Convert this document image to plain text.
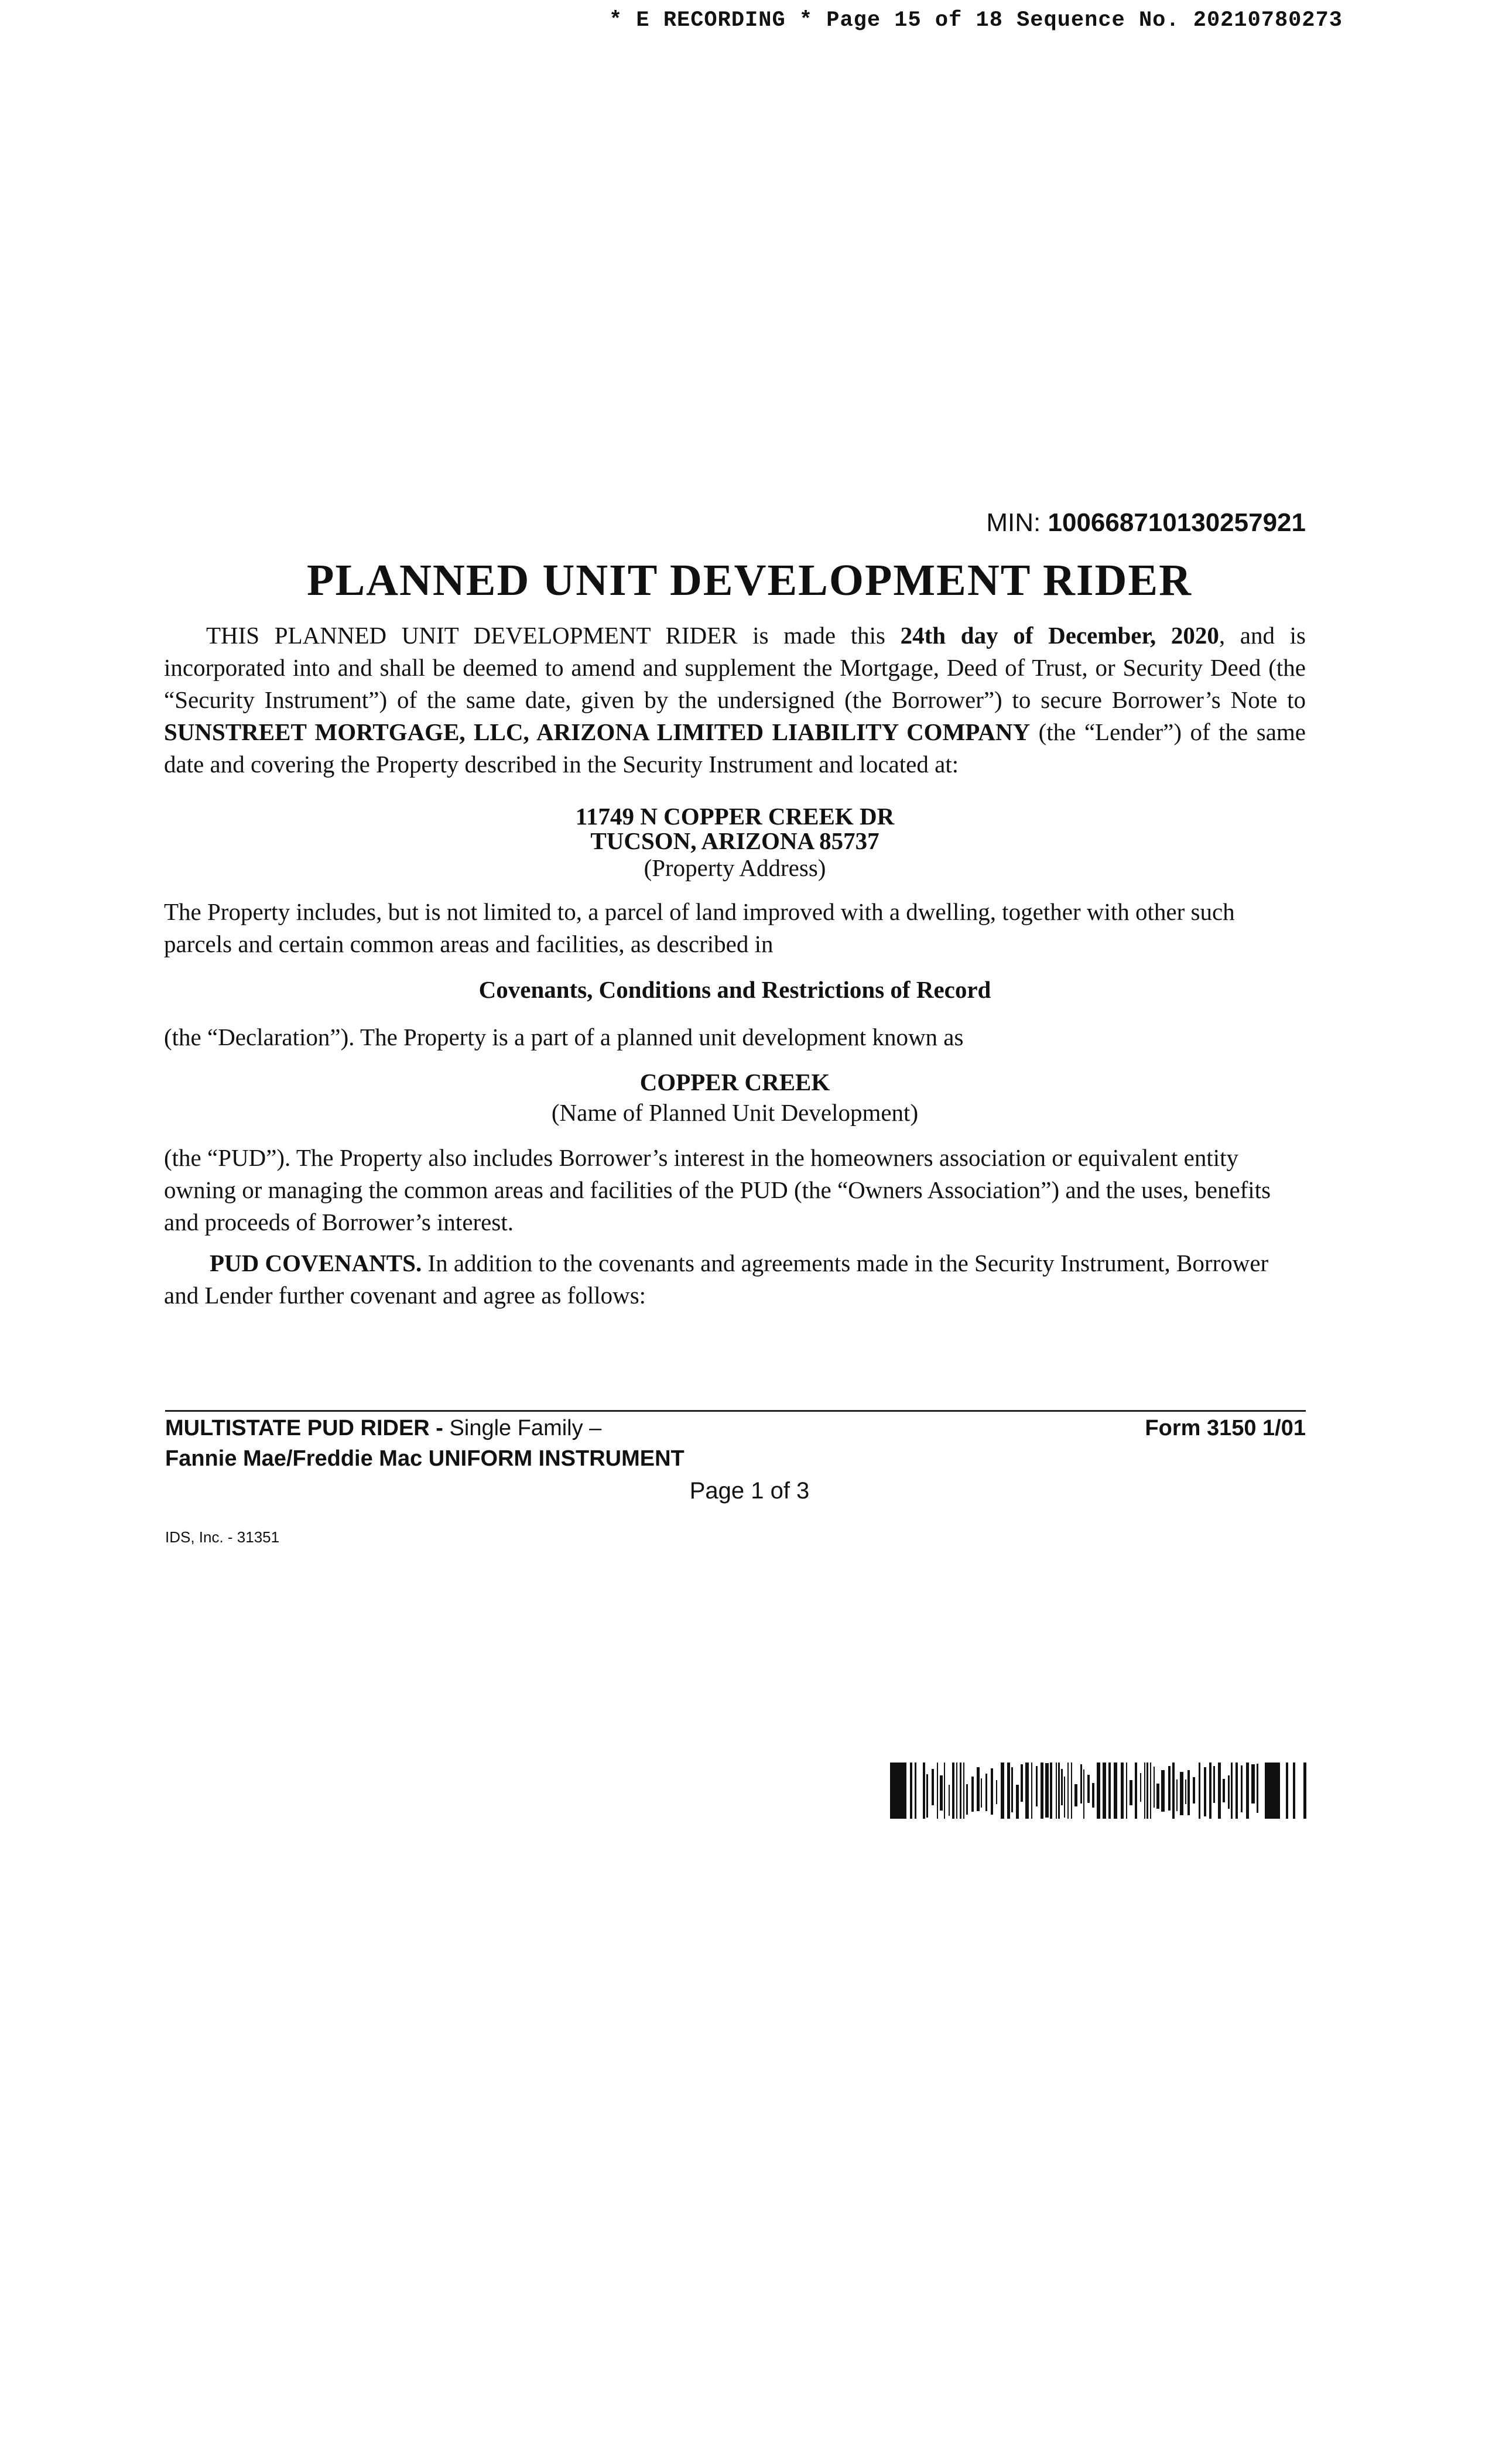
* E RECORDING * Page 15 of 18 Sequence No. 20210780273
MIN: 100668710130257921
PLANNED UNIT DEVELOPMENT RIDER
THIS PLANNED UNIT DEVELOPMENT RIDER is made this 24th day of December, 2020, and is incorporated into and shall be deemed to amend and supplement the Mortgage, Deed of Trust, or Security Deed (the “Security Instrument”) of the same date, given by the undersigned (the Borrower”) to secure Borrower’s Note to SUNSTREET MORTGAGE, LLC, ARIZONA LIMITED LIABILITY COMPANY (the “Lender”) of the same date and covering the Property described in the Security Instrument and located at:
11749 N COPPER CREEK DR
TUCSON, ARIZONA 85737
(Property Address)
The Property includes, but is not limited to, a parcel of land improved with a dwelling, together with other such parcels and certain common areas and facilities, as described in
Covenants, Conditions and Restrictions of Record
(the “Declaration”). The Property is a part of a planned unit development known as
COPPER CREEK
(Name of Planned Unit Development)
(the “PUD”). The Property also includes Borrower’s interest in the homeowners association or equivalent entity owning or managing the common areas and facilities of the PUD (the “Owners Association”) and the uses, benefits and proceeds of Borrower’s interest.
PUD COVENANTS. In addition to the covenants and agreements made in the Security Instrument, Borrower and Lender further covenant and agree as follows:
MULTISTATE PUD RIDER - Single Family –
Fannie Mae/Freddie Mac UNIFORM INSTRUMENT
Form 3150 1/01
Page 1 of 3
IDS, Inc. - 31351
